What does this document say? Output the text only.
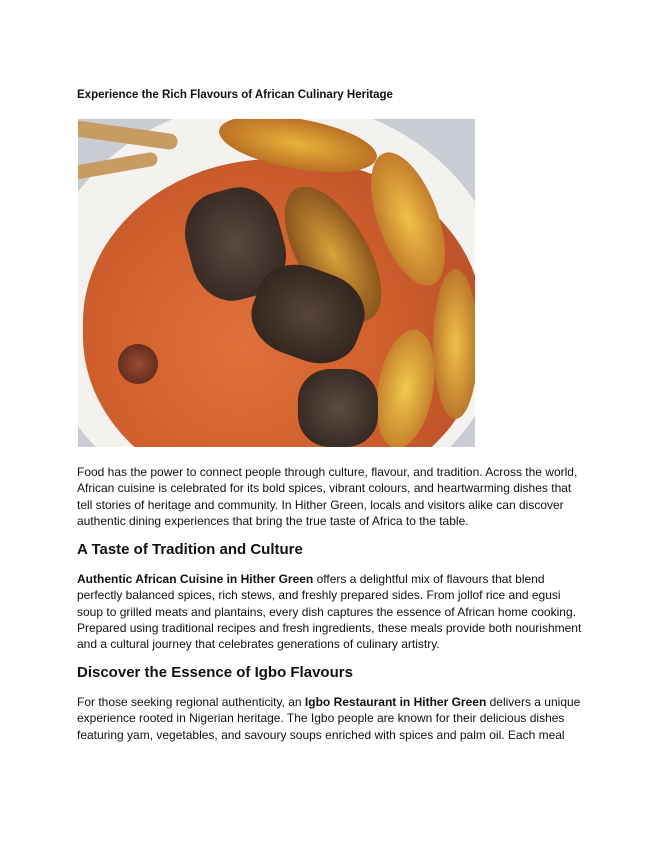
Experience the Rich Flavours of African Culinary Heritage
Food has the power to connect people through culture, flavour, and tradition. Across the world,
African cuisine is celebrated for its bold spices, vibrant colours, and heartwarming dishes that
tell stories of heritage and community. In Hither Green, locals and visitors alike can discover
authentic dining experiences that bring the true taste of Africa to the table.
A Taste of Tradition and Culture
Authentic African Cuisine in Hither Green offers a delightful mix of flavours that blend
perfectly balanced spices, rich stews, and freshly prepared sides. From jollof rice and egusi
soup to grilled meats and plantains, every dish captures the essence of African home cooking.
Prepared using traditional recipes and fresh ingredients, these meals provide both nourishment
and a cultural journey that celebrates generations of culinary artistry.
Discover the Essence of Igbo Flavours
For those seeking regional authenticity, an Igbo Restaurant in Hither Green delivers a unique
experience rooted in Nigerian heritage. The Igbo people are known for their delicious dishes
featuring yam, vegetables, and savoury soups enriched with spices and palm oil. Each meal
